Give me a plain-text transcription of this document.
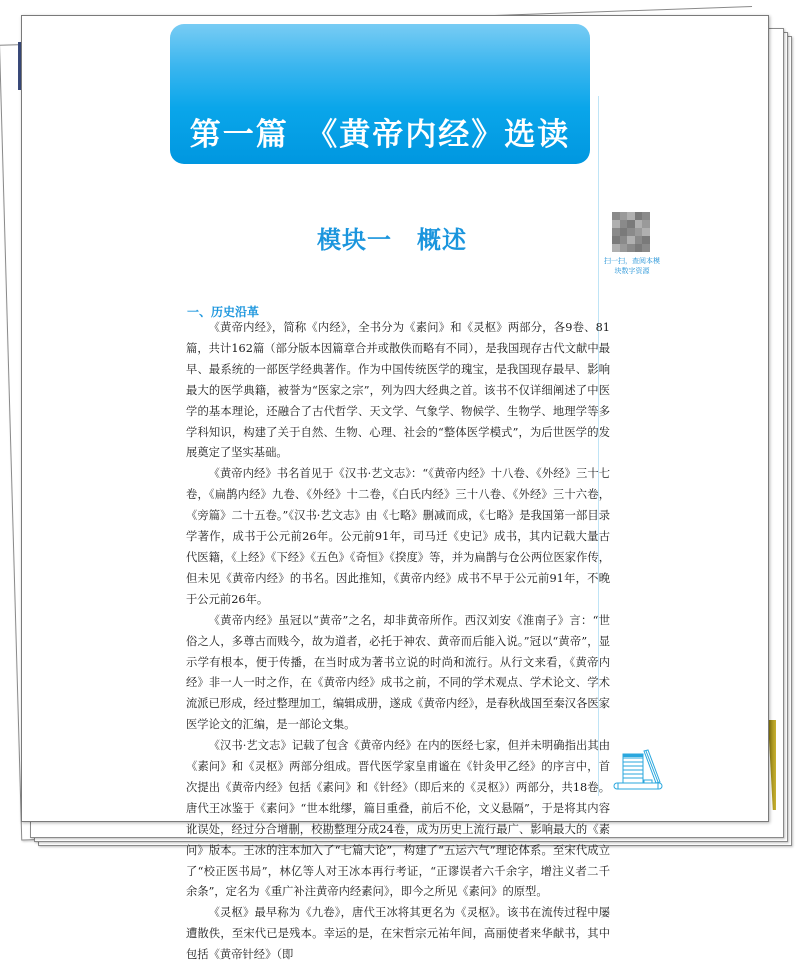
第一篇　《黄帝内经》选读
扫一扫，查阅本模块数字资源
模块一　概述
一、历史沿革

《黄帝内经》，简称《内经》，全书分为《素问》和《灵枢》两部分，各9卷、81篇，共计162篇（部分版本因篇章合并或散佚而略有不同），是我国现存古代文献中最早、最系统的一部医学经典著作。作为中国传统医学的瑰宝，是我国现存最早、影响最大的医学典籍，被誉为“医家之宗”，列为四大经典之首。该书不仅详细阐述了中医学的基本理论，还融合了古代哲学、天文学、气象学、物候学、生物学、地理学等多学科知识，构建了关于自然、生物、心理、社会的“整体医学模式”，为后世医学的发展奠定了坚实基础。

《黄帝内经》书名首见于《汉书·艺文志》：“《黄帝内经》十八卷、《外经》三十七卷，《扁鹊内经》九卷、《外经》十二卷，《白氏内经》三十八卷、《外经》三十六卷，《旁篇》二十五卷。”《汉书·艺文志》由《七略》删减而成，《七略》是我国第一部目录学著作，成书于公元前26年。公元前91年，司马迁《史记》成书，其内记载大量古代医籍，《上经》《下经》《五色》《奇恒》《揆度》等，并为扁鹊与仓公两位医家作传，但未见《黄帝内经》的书名。因此推知，《黄帝内经》成书不早于公元前91年，不晚于公元前26年。

《黄帝内经》虽冠以“黄帝”之名，却非黄帝所作。西汉刘安《淮南子》言：“世俗之人，多尊古而贱今，故为道者，必托于神农、黄帝而后能入说。”冠以“黄帝”，显示学有根本，便于传播，在当时成为著书立说的时尚和流行。从行文来看，《黄帝内经》非一人一时之作，在《黄帝内经》成书之前，不同的学术观点、学术论文、学术流派已形成，经过整理加工，编辑成册，遂成《黄帝内经》，是春秋战国至秦汉各医家医学论文的汇编，是一部论文集。

《汉书·艺文志》记载了包含《黄帝内经》在内的医经七家，但并未明确指出其由《素问》和《灵枢》两部分组成。晋代医学家皇甫谧在《针灸甲乙经》的序言中，首次提出《黄帝内经》包括《素问》和《针经》（即后来的《灵枢》）两部分，共18卷。唐代王冰鉴于《素问》“世本纰缪，篇目重叠，前后不伦，文义悬隔”，于是将其内容讹误处，经过分合增删，校勘整理分成24卷，成为历史上流行最广、影响最大的《素问》版本。王冰的注本加入了“七篇大论”，构建了“五运六气”理论体系。至宋代成立了“校正医书局”，林亿等人对王冰本再行考证，“正谬误者六千余字，增注义者二千余条”，定名为《重广补注黄帝内经素问》，即今之所见《素问》的原型。

《灵枢》最早称为《九卷》，唐代王冰将其更名为《灵枢》。该书在流传过程中屡遭散佚，至宋代已是残本。幸运的是，在宋哲宗元祐年间，高丽使者来华献书，其中包括《黄帝针经》（即
